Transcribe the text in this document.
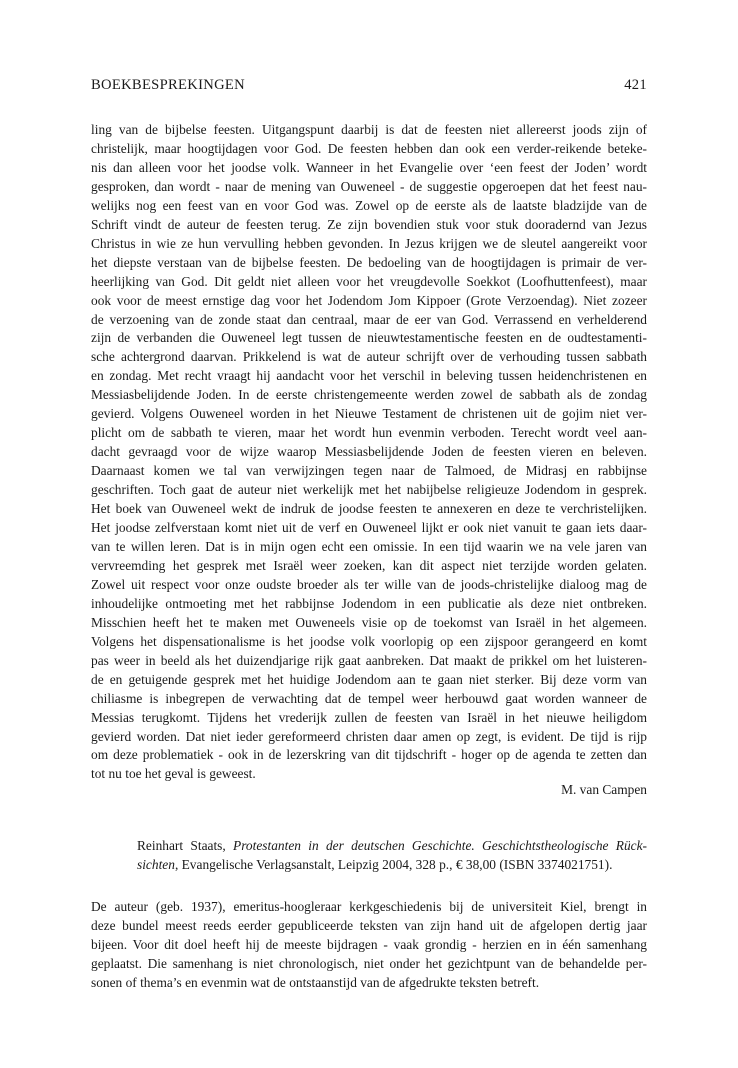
BOEKBESPREKINGEN	421
ling van de bijbelse feesten. Uitgangspunt daarbij is dat de feesten niet allereerst joods zijn of
christelijk, maar hoogtijdagen voor God. De feesten hebben dan ook een verder-reikende beteke-
nis dan alleen voor het joodse volk. Wanneer in het Evangelie over ‘een feest der Joden’ wordt
gesproken, dan wordt - naar de mening van Ouweneel - de suggestie opgeroepen dat het feest nau-
welijks nog een feest van en voor God was. Zowel op de eerste als de laatste bladzijde van de
Schrift vindt de auteur de feesten terug. Ze zijn bovendien stuk voor stuk dooradernd van Jezus
Christus in wie ze hun vervulling hebben gevonden. In Jezus krijgen we de sleutel aangereikt voor
het diepste verstaan van de bijbelse feesten. De bedoeling van de hoogtijdagen is primair de ver-
heerlijking van God. Dit geldt niet alleen voor het vreugdevolle Soekkot (Loofhuttenfeest), maar
ook voor de meest ernstige dag voor het Jodendom Jom Kippoer (Grote Verzoendag). Niet zozeer
de verzoening van de zonde staat dan centraal, maar de eer van God. Verrassend en verhelderend
zijn de verbanden die Ouweneel legt tussen de nieuwtestamentische feesten en de oudtestamenti-
sche achtergrond daarvan. Prikkelend is wat de auteur schrijft over de verhouding tussen sabbath
en zondag. Met recht vraagt hij aandacht voor het verschil in beleving tussen heidenchristenen en
Messiasbelijdende Joden. In de eerste christengemeente werden zowel de sabbath als de zondag
gevierd. Volgens Ouweneel worden in het Nieuwe Testament de christenen uit de gojim niet ver-
plicht om de sabbath te vieren, maar het wordt hun evenmin verboden. Terecht wordt veel aan-
dacht gevraagd voor de wijze waarop Messiasbelijdende Joden de feesten vieren en beleven.
Daarnaast komen we tal van verwijzingen tegen naar de Talmoed, de Midrasj en rabbijnse
geschriften. Toch gaat de auteur niet werkelijk met het nabijbelse religieuze Jodendom in gesprek.
Het boek van Ouweneel wekt de indruk de joodse feesten te annexeren en deze te verchristelijken.
Het joodse zelfverstaan komt niet uit de verf en Ouweneel lijkt er ook niet vanuit te gaan iets daar-
van te willen leren. Dat is in mijn ogen echt een omissie. In een tijd waarin we na vele jaren van
vervreemding het gesprek met Israël weer zoeken, kan dit aspect niet terzijde worden gelaten.
Zowel uit respect voor onze oudste broeder als ter wille van de joods-christelijke dialoog mag de
inhoudelijke ontmoeting met het rabbijnse Jodendom in een publicatie als deze niet ontbreken.
Misschien heeft het te maken met Ouweneels visie op de toekomst van Israël in het algemeen.
Volgens het dispensationalisme is het joodse volk voorlopig op een zijspoor gerangeerd en komt
pas weer in beeld als het duizendjarige rijk gaat aanbreken. Dat maakt de prikkel om het luisteren-
de en getuigende gesprek met het huidige Jodendom aan te gaan niet sterker. Bij deze vorm van
chiliasme is inbegrepen de verwachting dat de tempel weer herbouwd gaat worden wanneer de
Messias terugkomt. Tijdens het vrederijk zullen de feesten van Israël in het nieuwe heiligdom
gevierd worden. Dat niet ieder gereformeerd christen daar amen op zegt, is evident. De tijd is rijp
om deze problematiek - ook in de lezerskring van dit tijdschrift - hoger op de agenda te zetten dan
tot nu toe het geval is geweest.
M. van Campen
Reinhart Staats, Protestanten in der deutschen Geschichte. Geschichtstheologische Rück-
sichten, Evangelische Verlagsanstalt, Leipzig 2004, 328 p., € 38,00 (ISBN 3374021751).
De auteur (geb. 1937), emeritus-hoogleraar kerkgeschiedenis bij de universiteit Kiel, brengt in
deze bundel meest reeds eerder gepubliceerde teksten van zijn hand uit de afgelopen dertig jaar
bijeen. Voor dit doel heeft hij de meeste bijdragen - vaak grondig - herzien en in één samenhang
geplaatst. Die samenhang is niet chronologisch, niet onder het gezichtpunt van de behandelde per-
sonen of thema’s en evenmin wat de ontstaanstijd van de afgedrukte teksten betreft.
